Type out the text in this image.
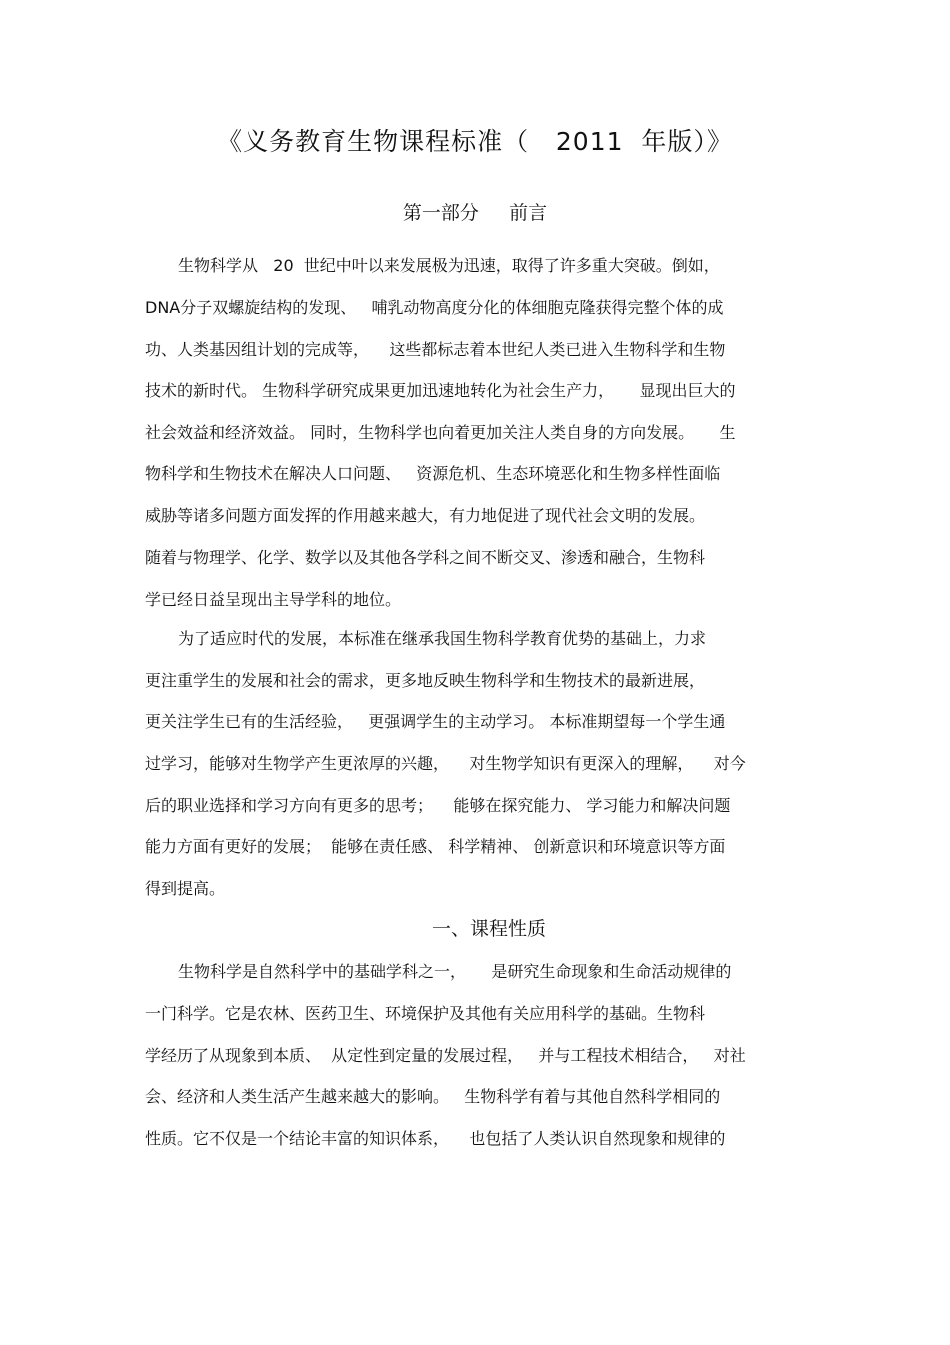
《义务教育生物课程标准（   2011  年版）》
第一部分     前言
生物科学从   20  世纪中叶以来发展极为迅速，取得了许多重大突破。倒如，
DNA分子双螺旋结构的发现、   哺乳动物高度分化的体细胞克隆获得完整个体的成
功、人类基因组计划的完成等，    这些都标志着本世纪人类已进入生物科学和生物
技术的新时代。 生物科学研究成果更加迅速地转化为社会生产力，     显现出巨大的
社会效益和经济效益。 同时，生物科学也向着更加关注人类自身的方向发展。     生
物科学和生物技术在解决人口问题、   资源危机、生态环境恶化和生物多样性面临
威胁等诸多问题方面发挥的作用越来越大，有力地促进了现代社会文明的发展。
随着与物理学、化学、数学以及其他各学科之间不断交叉、渗透和融合，生物科
学已经日益呈现出主导学科的地位。
为了适应时代的发展，本标准在继承我国生物科学教育优势的基础上，力求
更注重学生的发展和社会的需求，更多地反映生物科学和生物技术的最新进展，
更关注学生已有的生活经验，   更强调学生的主动学习。 本标准期望每一个学生通
过学习，能够对生物学产生更浓厚的兴趣，    对生物学知识有更深入的理解，    对今
后的职业选择和学习方向有更多的思考；    能够在探究能力、 学习能力和解决问题
能力方面有更好的发展；  能够在责任感、 科学精神、 创新意识和环境意识等方面
得到提高。
一、课程性质
生物科学是自然科学中的基础学科之一，     是研究生命现象和生命活动规律的
一门科学。它是农林、医药卫生、环境保护及其他有关应用科学的基础。生物科
学经历了从现象到本质、  从定性到定量的发展过程，   并与工程技术相结合，   对社
会、经济和人类生活产生越来越大的影响。   生物科学有着与其他自然科学相同的
性质。它不仅是一个结论丰富的知识体系，    也包括了人类认识自然现象和规律的
